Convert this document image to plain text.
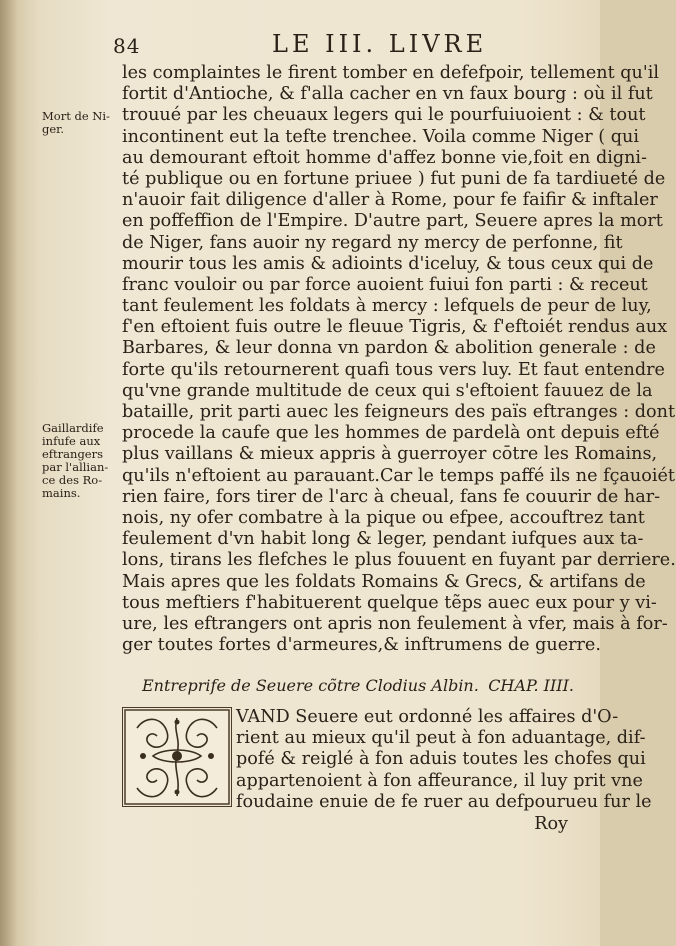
84	LE III. LIVRE
Mort de Ni-
ger.
Gaillardife
infufe aux
eftrangers
par l'allian-
ce des Ro-
mains.
les complaintes le firent tomber en defefpoir, tellement qu'il
fortit d'Antioche, & f'alla cacher en vn faux bourg : où il fut
trouué par les cheuaux legers qui le pourfuiuoient : & tout
incontinent eut la tefte trenchee. Voila comme Niger ( qui
au demourant eftoit homme d'affez bonne vie,foit en digni-
té publique ou en fortune priuee ) fut puni de fa tardiueté de
n'auoir fait diligence d'aller à Rome, pour fe faifir & inftaler
en poffeffion de l'Empire. D'autre part, Seuere apres la mort
de Niger, fans auoir ny regard ny mercy de perfonne, fit
mourir tous les amis & adioints d'iceluy, & tous ceux qui de
franc vouloir ou par force auoient fuiui fon parti : & receut
tant feulement les foldats à mercy : lefquels de peur de luy,
f'en eftoient fuis outre le fleuue Tigris, & f'eftoiét rendus aux
Barbares, & leur donna vn pardon & abolition generale : de
forte qu'ils retournerent quafi tous vers luy. Et faut entendre
qu'vne grande multitude de ceux qui s'eftoient fauuez de la
bataille, prit parti auec les feigneurs des païs eftranges : dont
procede la caufe que les hommes de pardelà ont depuis efté
plus vaillans & mieux appris à guerroyer cōtre les Romains,
qu'ils n'eftoient au parauant.Car le temps paffé ils ne fçauoiét
rien faire, fors tirer de l'arc à cheual, fans fe couurir de har-
nois, ny ofer combatre à la pique ou efpee, accouftrez tant
feulement d'vn habit long & leger, pendant iufques aux ta-
lons, tirans les flefches le plus fouuent en fuyant par derriere.
Mais apres que les foldats Romains & Grecs, & artifans de
tous meftiers f'habituerent quelque tẽps auec eux pour y vi-
ure, les eftrangers ont apris non feulement à vfer, mais à for-
ger toutes fortes d'armeures,& inftrumens de guerre.
Entreprife de Seuere cõtre Clodius Albin. CHAP. IIII.
VAND Seuere eut ordonné les affaires d'O-
rient au mieux qu'il peut à fon aduantage, dif-
pofé & reiglé à fon aduis toutes les chofes qui
appartenoient à fon affeurance, il luy prit vne
foudaine enuie de fe ruer au defpourueu fur le
Roy
